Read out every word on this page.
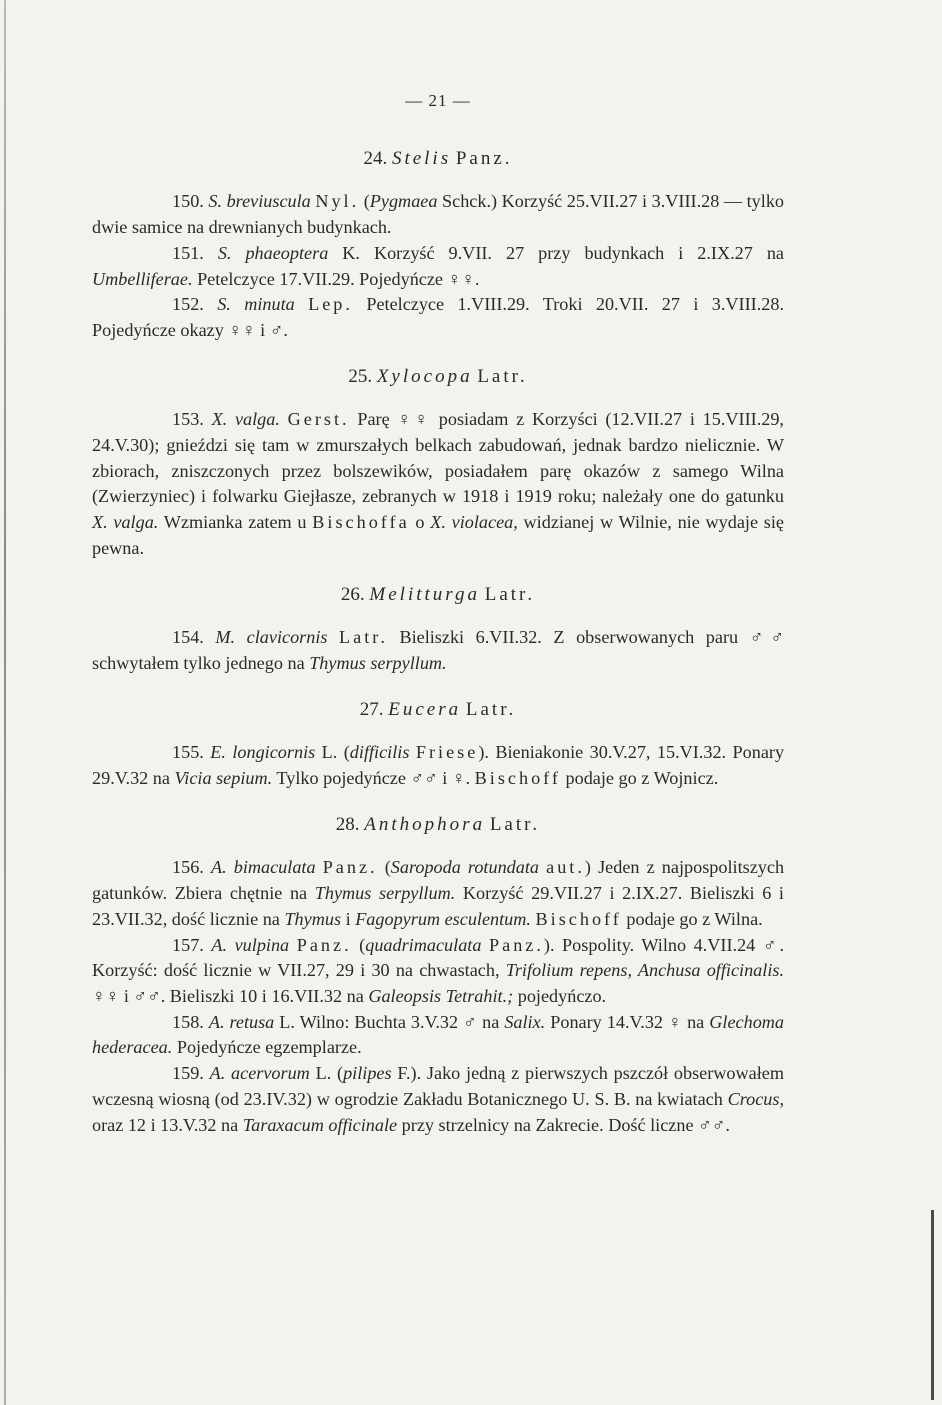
— 21 —
24. Stelis Panz.

150. S. breviuscula Nyl. (Pygmaea Schck.) Korzyść 25.VII.27 i 3.VIII.28 — tylko dwie samice na drewnianych budynkach.

151. S. phaeoptera K. Korzyść 9.VII. 27 przy budynkach i 2.IX.27 na Umbelliferae. Petelczyce 17.VII.29. Pojedyńcze ♀♀.

152. S. minuta Lep. Petelczyce 1.VIII.29. Troki 20.VII. 27 i 3.VIII.28. Pojedyńcze okazy ♀♀ i ♂.

25. Xylocopa Latr.

153. X. valga. Gerst. Parę ♀♀ posiadam z Korzyści (12.VII.27 i 15.VIII.29, 24.V.30); gnieździ się tam w zmurszałych belkach zabudowań, jednak bardzo nielicznie. W zbiorach, zniszczonych przez bolszewików, posiadałem parę okazów z samego Wilna (Zwierzyniec) i folwarku Giejłasze, zebranych w 1918 i 1919 roku; należały one do gatunku X. valga. Wzmianka zatem u Bischoffa o X. violacea, widzianej w Wilnie, nie wydaje się pewna.

26. Melitturga Latr.

154. M. clavicornis Latr. Bieliszki 6.VII.32. Z obserwowanych paru ♂♂ schwytałem tylko jednego na Thymus serpyllum.

27. Eucera Latr.

155. E. longicornis L. (difficilis Friese). Bieniakonie 30.V.27, 15.VI.32. Ponary 29.V.32 na Vicia sepium. Tylko pojedyńcze ♂♂ i ♀. Bischoff podaje go z Wojnicz.

28. Anthophora Latr.

156. A. bimaculata Panz. (Saropoda rotundata aut.) Jeden z najpospolitszych gatunków. Zbiera chętnie na Thymus serpyllum. Korzyść 29.VII.27 i 2.IX.27. Bieliszki 6 i 23.VII.32, dość licznie na Thymus i Fagopyrum esculentum. Bischoff podaje go z Wilna.

157. A. vulpina Panz. (quadrimaculata Panz.). Pospolity. Wilno 4.VII.24 ♂. Korzyść: dość licznie w VII.27, 29 i 30 na chwastach, Trifolium repens, Anchusa officinalis. ♀♀ i ♂♂. Bieliszki 10 i 16.VII.32 na Galeopsis Tetrahit.; pojedyńczo.

158. A. retusa L. Wilno: Buchta 3.V.32 ♂ na Salix. Ponary 14.V.32 ♀ na Glechoma hederacea. Pojedyńcze egzemplarze.

159. A. acervorum L. (pilipes F.). Jako jedną z pierwszych pszczół obserwowałem wczesną wiosną (od 23.IV.32) w ogrodzie Zakładu Botanicznego U. S. B. na kwiatach Crocus, oraz 12 i 13.V.32 na Taraxacum officinale przy strzelnicy na Zakrecie. Dość liczne ♂♂.
